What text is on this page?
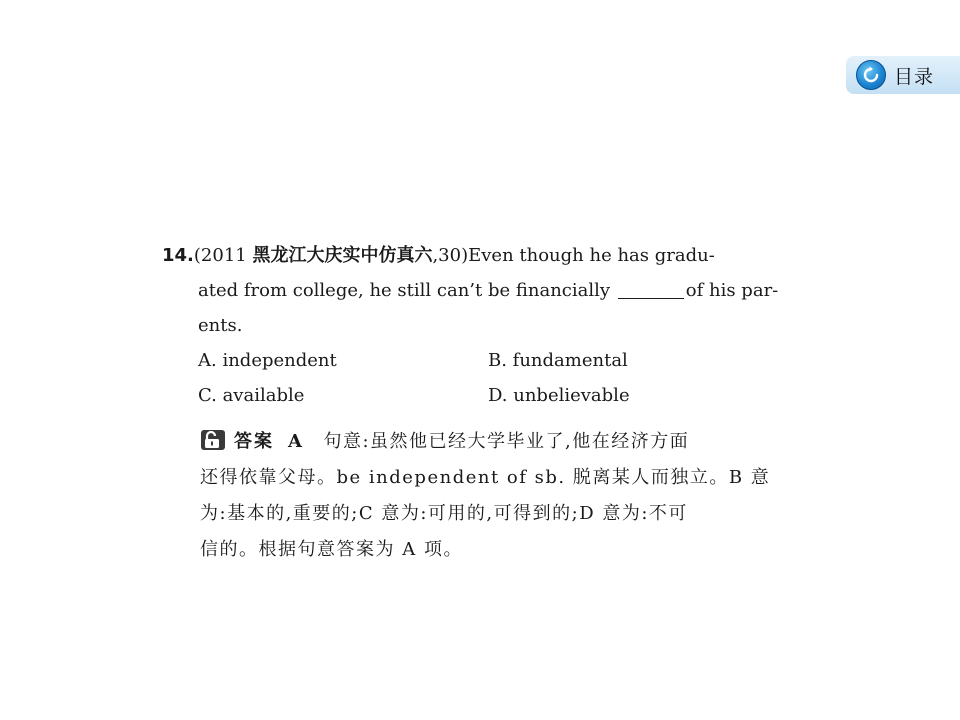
目录
14.(2011 黑龙江大庆实中仿真六,30)Even though he has gradu-
ated from college, he still can’t be financially	of his par-
ents.
A. independent	B. fundamental
C. available	D. unbelievable
答案 A 句意:虽然他已经大学毕业了,他在经济方面
还得依靠父母。be independent of sb. 脱离某人而独立。B 意
为:基本的,重要的;C 意为:可用的,可得到的;D 意为:不可
信的。根据句意答案为 A 项。
